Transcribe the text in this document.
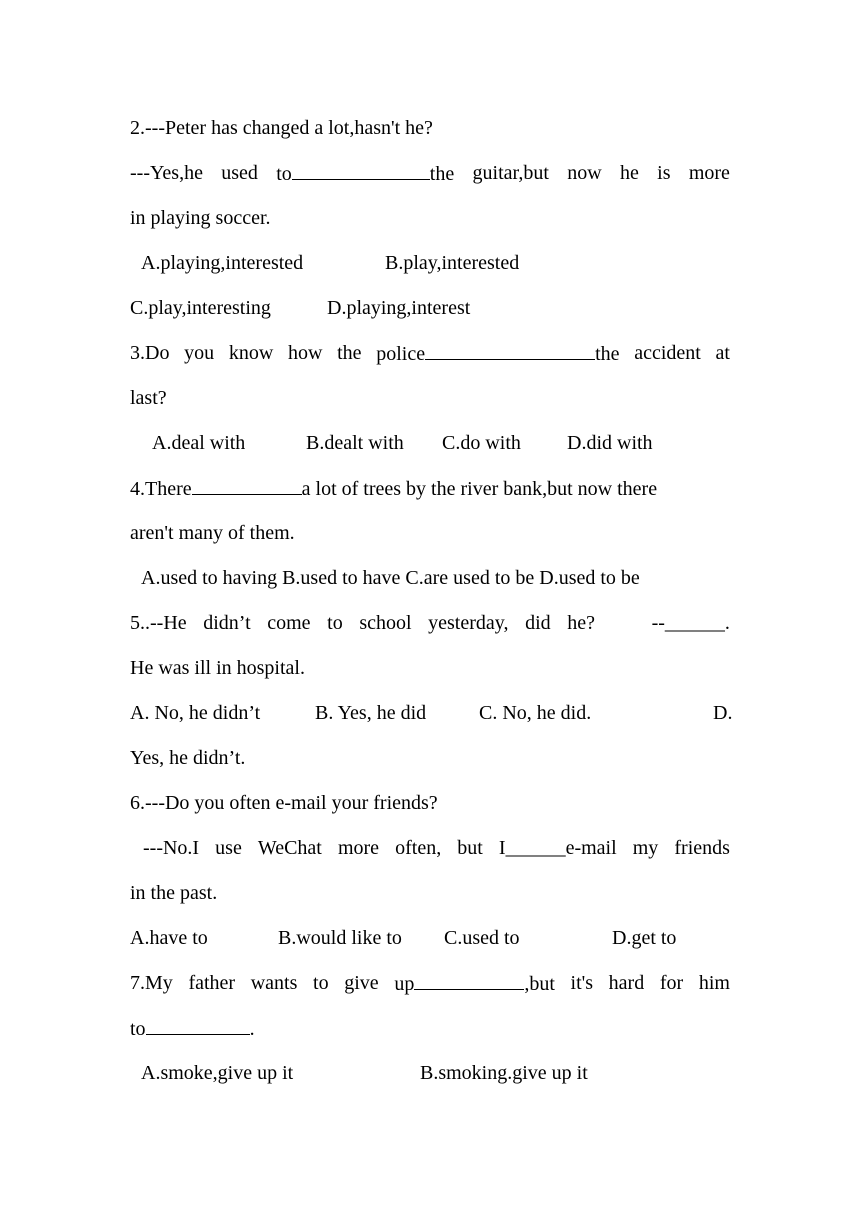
2.---Peter has changed a lot,hasn't he?
---Yes,he used to	the guitar,but now he is more
in playing soccer.
A.playing,interested	B.play,interested
C.play,interesting	D.playing,interest
3.Do you know how the police	the accident at
last?
A.deal with	B.dealt with C.do with D.did with
4.There	a lot of trees by the river bank,but now there
aren't many of them.
A.used to having B.used to have C.are used to be D.used to be
5..--He didn’t come to school yesterday, did he?	--______.
He was ill in hospital.
A. No, he didn’t	B. Yes, he did	C. No, he did.	D.
Yes, he didn’t.
6.---Do you often e-mail your friends?
---No.I use WeChat more often, but I______e-mail my friends
in the past.
A.have to	B.would like to C.used to	D.get to
7.My father wants to give up	,but it's hard for him
to	.
A.smoke,give up it	B.smoking.give up it
